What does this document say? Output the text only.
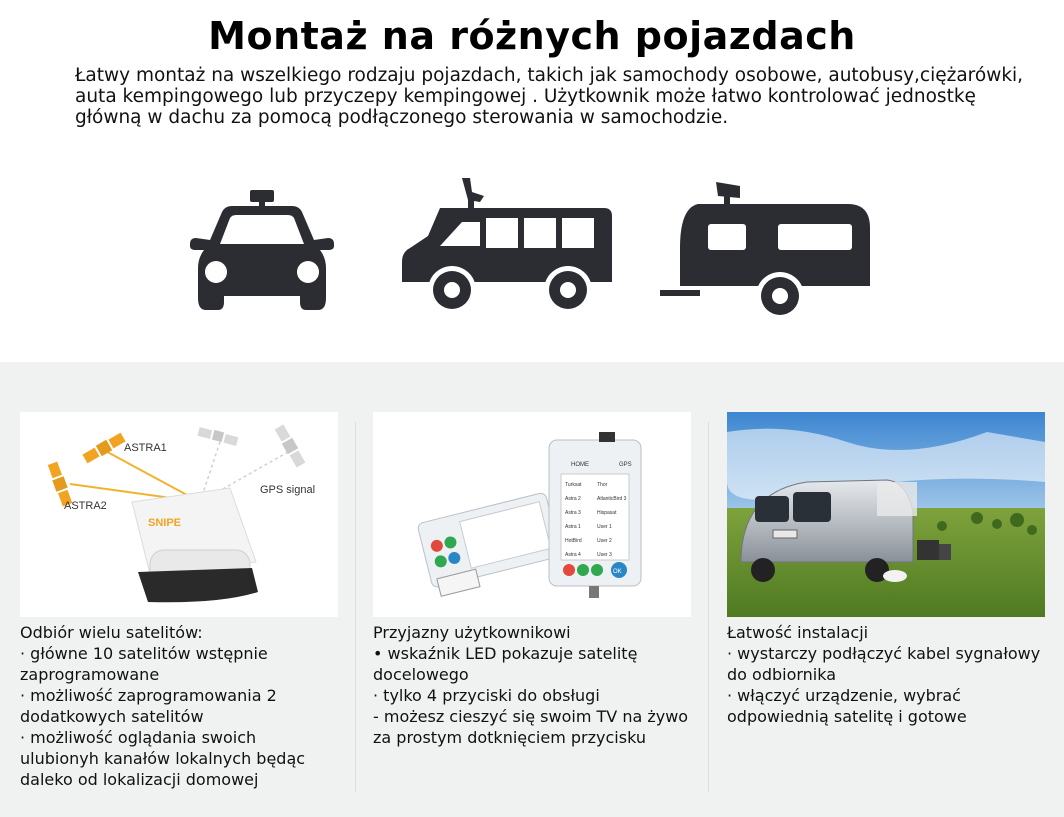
Montaż na różnych pojazdach

Łatwy montaż na wszelkiego rodzaju pojazdach, takich jak samochody osobowe, autobusy,ciężarówki, auta kempingowego lub przyczepy kempingowej . Użytkownik może łatwo kontrolować jednostkę główną w dachu za pomocą podłączonego sterowania w samochodzie.

SNIPE
ASTRA1
ASTRA2
GPS signal
Odbiór wielu satelitów:
· główne 10 satelitów wstępnie zaprogramowane
· możliwość zaprogramowania 2 dodatkowych satelitów
· możliwość oglądania swoich ulubionyh kanałów lokalnych będąc daleko od lokalizacji domowej
HOME	GPS
OK
Turksat
Astra 2
Astra 3
Astra 1
HotBird
Astra 4
Thor
AtlanticBird 3
Hispasat
User 1
User 2
User 3
Przyjazny użytkownikowi
• wskaźnik LED pokazuje satelitę docelowego
· tylko 4 przyciski do obsługi
- możesz cieszyć się swoim TV na żywo za prostym dotknięciem przycisku
Łatwość instalacji
· wystarczy podłączyć kabel sygnałowy do odbiornika
· włączyć urządzenie, wybrać odpowiednią satelitę i gotowe
